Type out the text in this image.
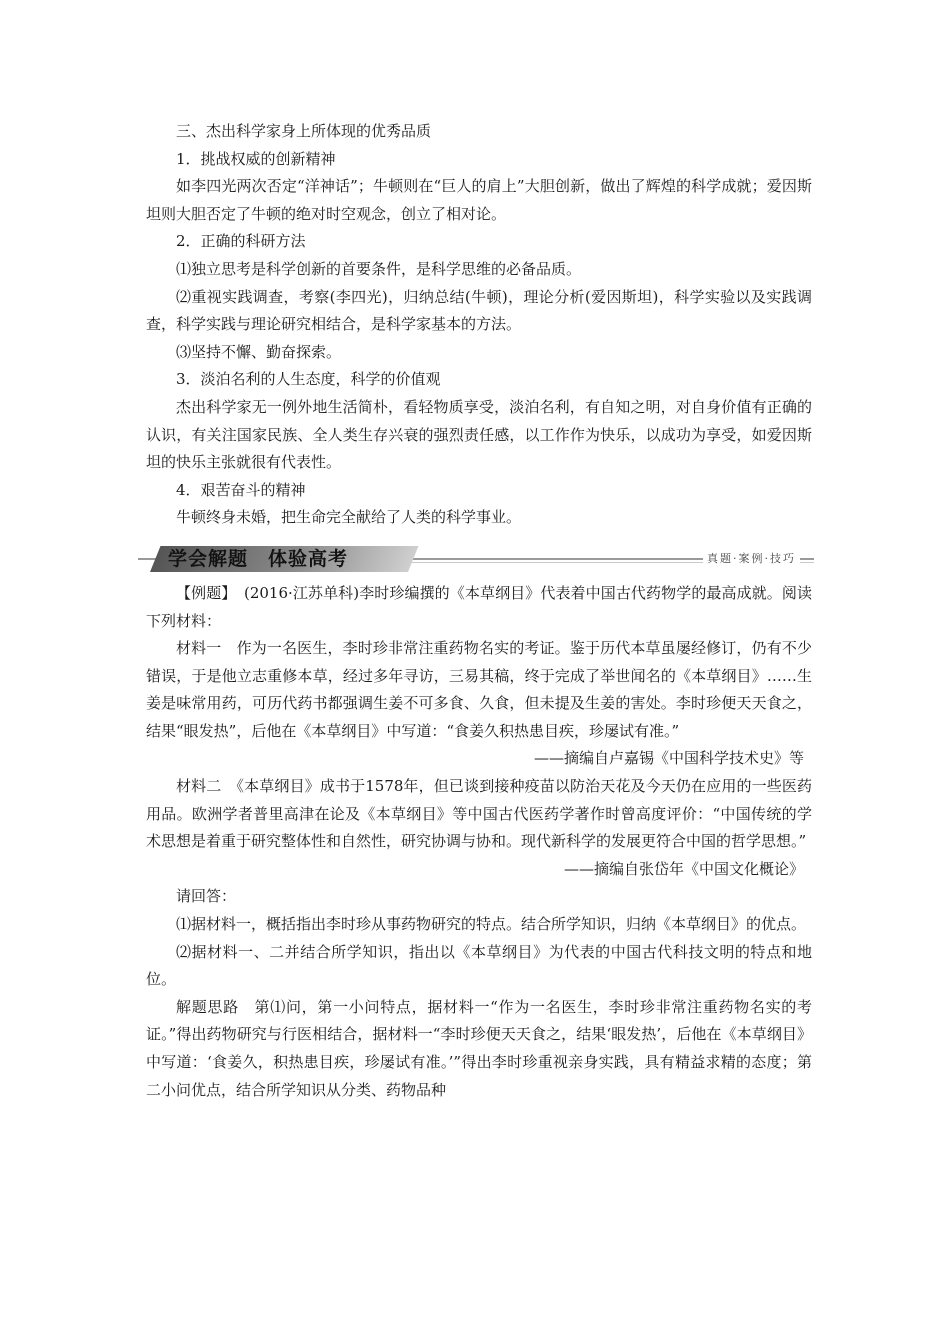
三、杰出科学家身上所体现的优秀品质

1．挑战权威的创新精神

如李四光两次否定“洋神话”；牛顿则在“巨人的肩上”大胆创新，做出了辉煌的科学成就；爱因斯坦则大胆否定了牛顿的绝对时空观念，创立了相对论。

2．正确的科研方法

⑴独立思考是科学创新的首要条件，是科学思维的必备品质。

⑵重视实践调查，考察(李四光)，归纳总结(牛顿)，理论分析(爱因斯坦)，科学实验以及实践调查，科学实践与理论研究相结合，是科学家基本的方法。

⑶坚持不懈、勤奋探索。

3．淡泊名利的人生态度，科学的价值观

杰出科学家无一例外地生活简朴，看轻物质享受，淡泊名利，有自知之明，对自身价值有正确的认识，有关注国家民族、全人类生存兴衰的强烈责任感，以工作作为快乐，以成功为享受，如爱因斯坦的快乐主张就很有代表性。

4．艰苦奋斗的精神

牛顿终身未婚，把生命完全献给了人类的科学事业。

学会解题　体验高考	真题·案例·技巧

【例题】　(2016·江苏单科)李时珍编撰的《本草纲目》代表着中国古代药物学的最高成就。阅读下列材料：

材料一　作为一名医生，李时珍非常注重药物名实的考证。鉴于历代本草虽屡经修订，仍有不少错误，于是他立志重修本草，经过多年寻访，三易其稿，终于完成了举世闻名的《本草纲目》……生姜是味常用药，可历代药书都强调生姜不可多食、久食，但未提及生姜的害处。李时珍便天天食之，结果“眼发热”，后他在《本草纲目》中写道：“食姜久积热患目疾，珍屡试有准。”

——摘编自卢嘉锡《中国科学技术史》等

材料二　《本草纲目》成书于1578年，但已谈到接种疫苗以防治天花及今天仍在应用的一些医药用品。欧洲学者普里高津在论及《本草纲目》等中国古代医药学著作时曾高度评价：“中国传统的学术思想是着重于研究整体性和自然性，研究协调与协和。现代新科学的发展更符合中国的哲学思想。”

——摘编自张岱年《中国文化概论》

请回答：

⑴据材料一，概括指出李时珍从事药物研究的特点。结合所学知识，归纳《本草纲目》的优点。

⑵据材料一、二并结合所学知识，指出以《本草纲目》为代表的中国古代科技文明的特点和地位。

解题思路　第⑴问，第一小问特点，据材料一“作为一名医生，李时珍非常注重药物名实的考证。”得出药物研究与行医相结合，据材料一“李时珍便天天食之，结果‘眼发热’，后他在《本草纲目》中写道：‘食姜久，积热患目疾，珍屡试有准。’”得出李时珍重视亲身实践，具有精益求精的态度；第二小问优点，结合所学知识从分类、药物品种
